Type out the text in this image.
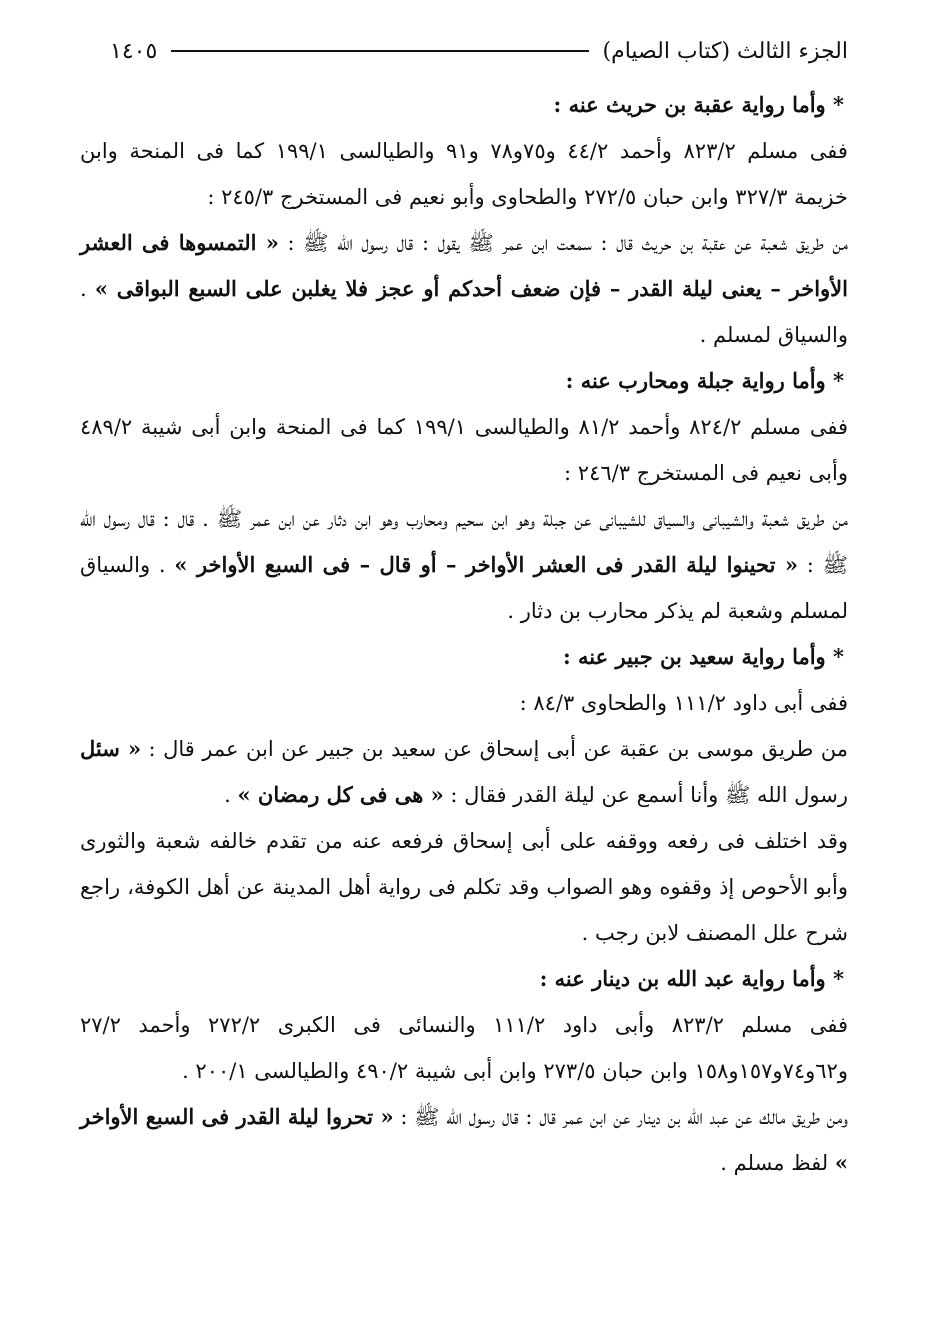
الجزء الثالث (كتاب الصيام)
١٤٠٥
* وأما رواية عقبة بن حريث عنه :
ففى مسلم ٨٢٣/٢ وأحمد ٤٤/٢ و٧٥و٧٨ و٩١ والطيالسى ١٩٩/١ كما فى المنحة وابن خزيمة ٣٢٧/٣ وابن حبان ٢٧٢/٥ والطحاوى وأبو نعيم فى المستخرج ٢٤٥/٣ :
من طريق شعبة عن عقبة بن حريث قال : سمعت ابن عمر ﷺ يقول : قال رسول الله ﷺ : « التمسوها فى العشر الأواخر – يعنى ليلة القدر – فإن ضعف أحدكم أو عجز فلا يغلبن على السبع البواقى » . والسياق لمسلم .
* وأما رواية جبلة ومحارب عنه :
ففى مسلم ٨٢٤/٢ وأحمد ٨١/٢ والطيالسى ١٩٩/١ كما فى المنحة وابن أبى شيبة ٤٨٩/٢ وأبى نعيم فى المستخرج ٢٤٦/٣ :
من طريق شعبة والشيبانى والسياق للشيبانى عن جبلة وهو ابن سحيم ومحارب وهو ابن دثار عن ابن عمر ﷺ . قال : قال رسول الله ﷺ : « تحينوا ليلة القدر فى العشر الأواخر – أو قال – فى السبع الأواخر » . والسياق لمسلم وشعبة لم يذكر محارب بن دثار .
* وأما رواية سعيد بن جبير عنه :
ففى أبى داود ١١١/٢ والطحاوى ٨٤/٣ :
من طريق موسى بن عقبة عن أبى إسحاق عن سعيد بن جبير عن ابن عمر قال : « سئل رسول الله ﷺ وأنا أسمع عن ليلة القدر فقال : « هى فى كل رمضان » .
وقد اختلف فى رفعه ووقفه على أبى إسحاق فرفعه عنه من تقدم خالفه شعبة والثورى وأبو الأحوص إذ وقفوه وهو الصواب وقد تكلم فى رواية أهل المدينة عن أهل الكوفة، راجع شرح علل المصنف لابن رجب .
* وأما رواية عبد الله بن دينار عنه :
ففى مسلم ٨٢٣/٢ وأبى داود ١١١/٢ والنسائى فى الكبرى ٢٧٢/٢ وأحمد ٢٧/٢ و٦٢و٧٤و١٥٧و١٥٨ وابن حبان ٢٧٣/٥ وابن أبى شيبة ٤٩٠/٢ والطيالسى ٢٠٠/١ .
ومن طريق مالك عن عبد الله بن دينار عن ابن عمر قال : قال رسول الله ﷺ : « تحروا ليلة القدر فى السبع الأواخر » لفظ مسلم .
